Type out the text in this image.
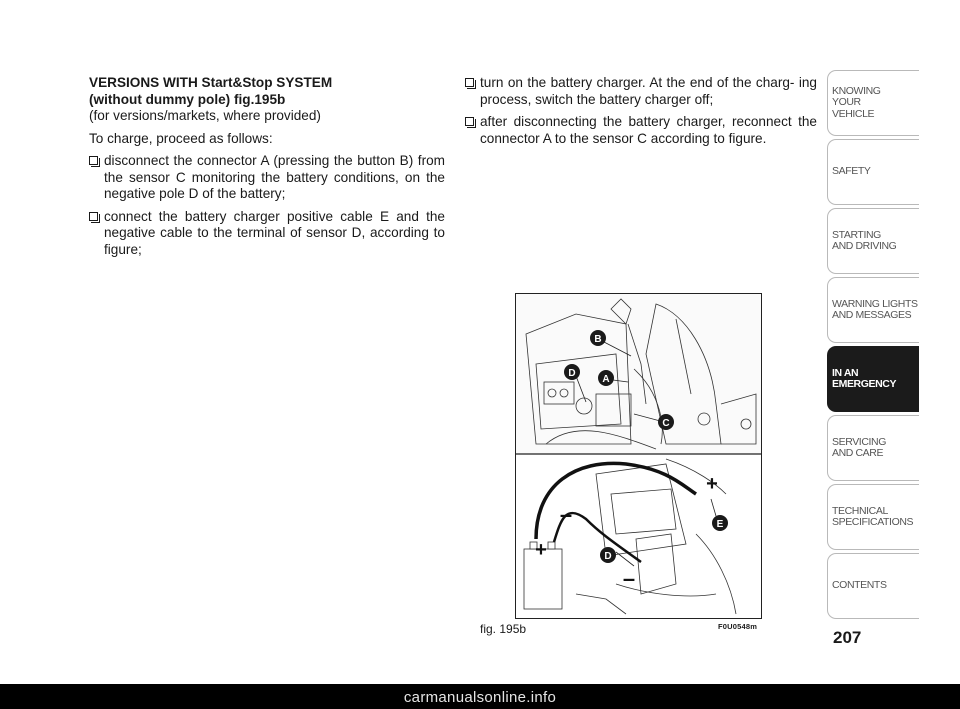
VERSIONS WITH Start&Stop SYSTEM
(without dummy pole) fig.195b
(for versions/markets, where provided)
To charge, proceed as follows:
disconnect the connector A (pressing the button B) from the sensor C monitoring the battery conditions, on the negative pole D of the battery;
connect the battery charger positive cable E and the negative cable to the terminal of sensor D, according to figure;
turn on the battery charger. At the end of the charg- ing process, switch the battery charger off;
after disconnecting the battery charger, reconnect the connector A to the sensor C according to figure.
B
D
A
C
E
D
+
–
+
–
fig. 195b	F0U0548m
207
KNOWING
YOUR
VEHICLE
SAFETY
STARTING
AND DRIVING
WARNING LIGHTS
AND MESSAGES
IN AN
EMERGENCY
SERVICING
AND CARE
TECHNICAL
SPECIFICATIONS
CONTENTS
carmanualsonline.info
